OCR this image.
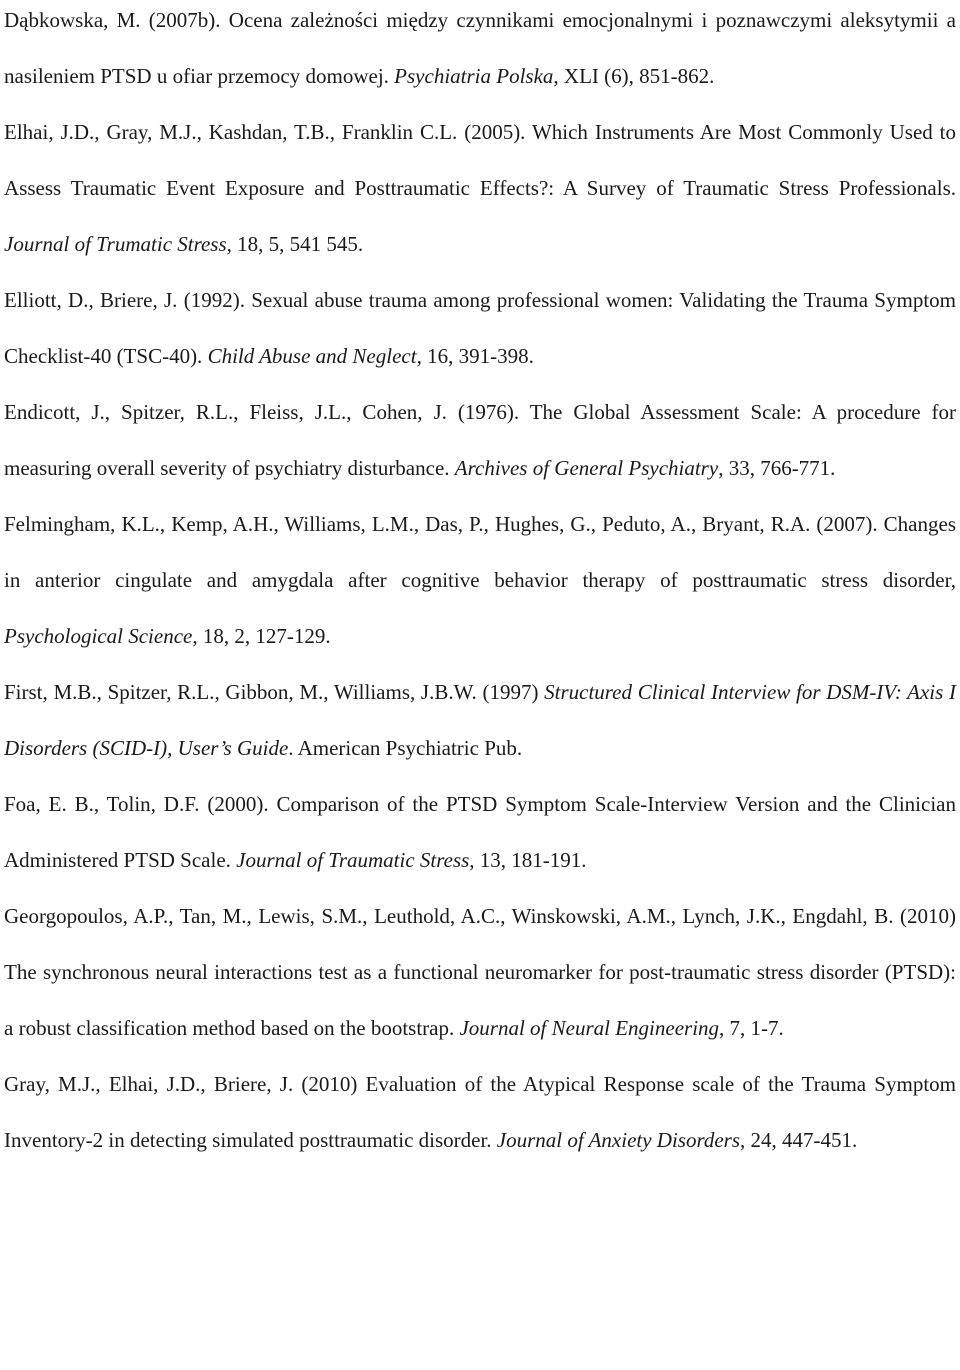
Dąbkowska, M. (2007b). Ocena zależności między czynnikami emocjonalnymi i poznawczymi aleksytymii a nasileniem PTSD u ofiar przemocy domowej. Psychiatria Polska, XLI (6), 851-862.

Elhai, J.D., Gray, M.J., Kashdan, T.B., Franklin C.L. (2005). Which Instruments Are Most Commonly Used to Assess Traumatic Event Exposure and Posttraumatic Effects?: A Survey of Traumatic Stress Professionals. Journal of Trumatic Stress, 18, 5, 541 545.

Elliott, D., Briere, J. (1992). Sexual abuse trauma among professional women: Validating the Trauma Symptom Checklist-40 (TSC-40). Child Abuse and Neglect, 16, 391-398.

Endicott, J., Spitzer, R.L., Fleiss, J.L., Cohen, J. (1976). The Global Assessment Scale: A procedure for measuring overall severity of psychiatry disturbance. Archives of General Psychiatry, 33, 766-771.

Felmingham, K.L., Kemp, A.H., Williams, L.M., Das, P., Hughes, G., Peduto, A., Bryant, R.A. (2007). Changes in anterior cingulate and amygdala after cognitive behavior therapy of posttraumatic stress disorder, Psychological Science, 18, 2, 127-129.

First, M.B., Spitzer, R.L., Gibbon, M., Williams, J.B.W. (1997) Structured Clinical Interview for DSM-IV: Axis I Disorders (SCID-I), User’s Guide. American Psychiatric Pub.

Foa, E. B., Tolin, D.F. (2000). Comparison of the PTSD Symptom Scale-Interview Version and the Clinician Administered PTSD Scale. Journal of Traumatic Stress, 13, 181-191.

Georgopoulos, A.P., Tan, M., Lewis, S.M., Leuthold, A.C., Winskowski, A.M., Lynch, J.K., Engdahl, B. (2010) The synchronous neural interactions test as a functional neuromarker for post-traumatic stress disorder (PTSD): a robust classification method based on the bootstrap. Journal of Neural Engineering, 7, 1-7.

Gray, M.J., Elhai, J.D., Briere, J. (2010) Evaluation of the Atypical Response scale of the Trauma Symptom Inventory-2 in detecting simulated posttraumatic disorder. Journal of Anxiety Disorders, 24, 447-451.
